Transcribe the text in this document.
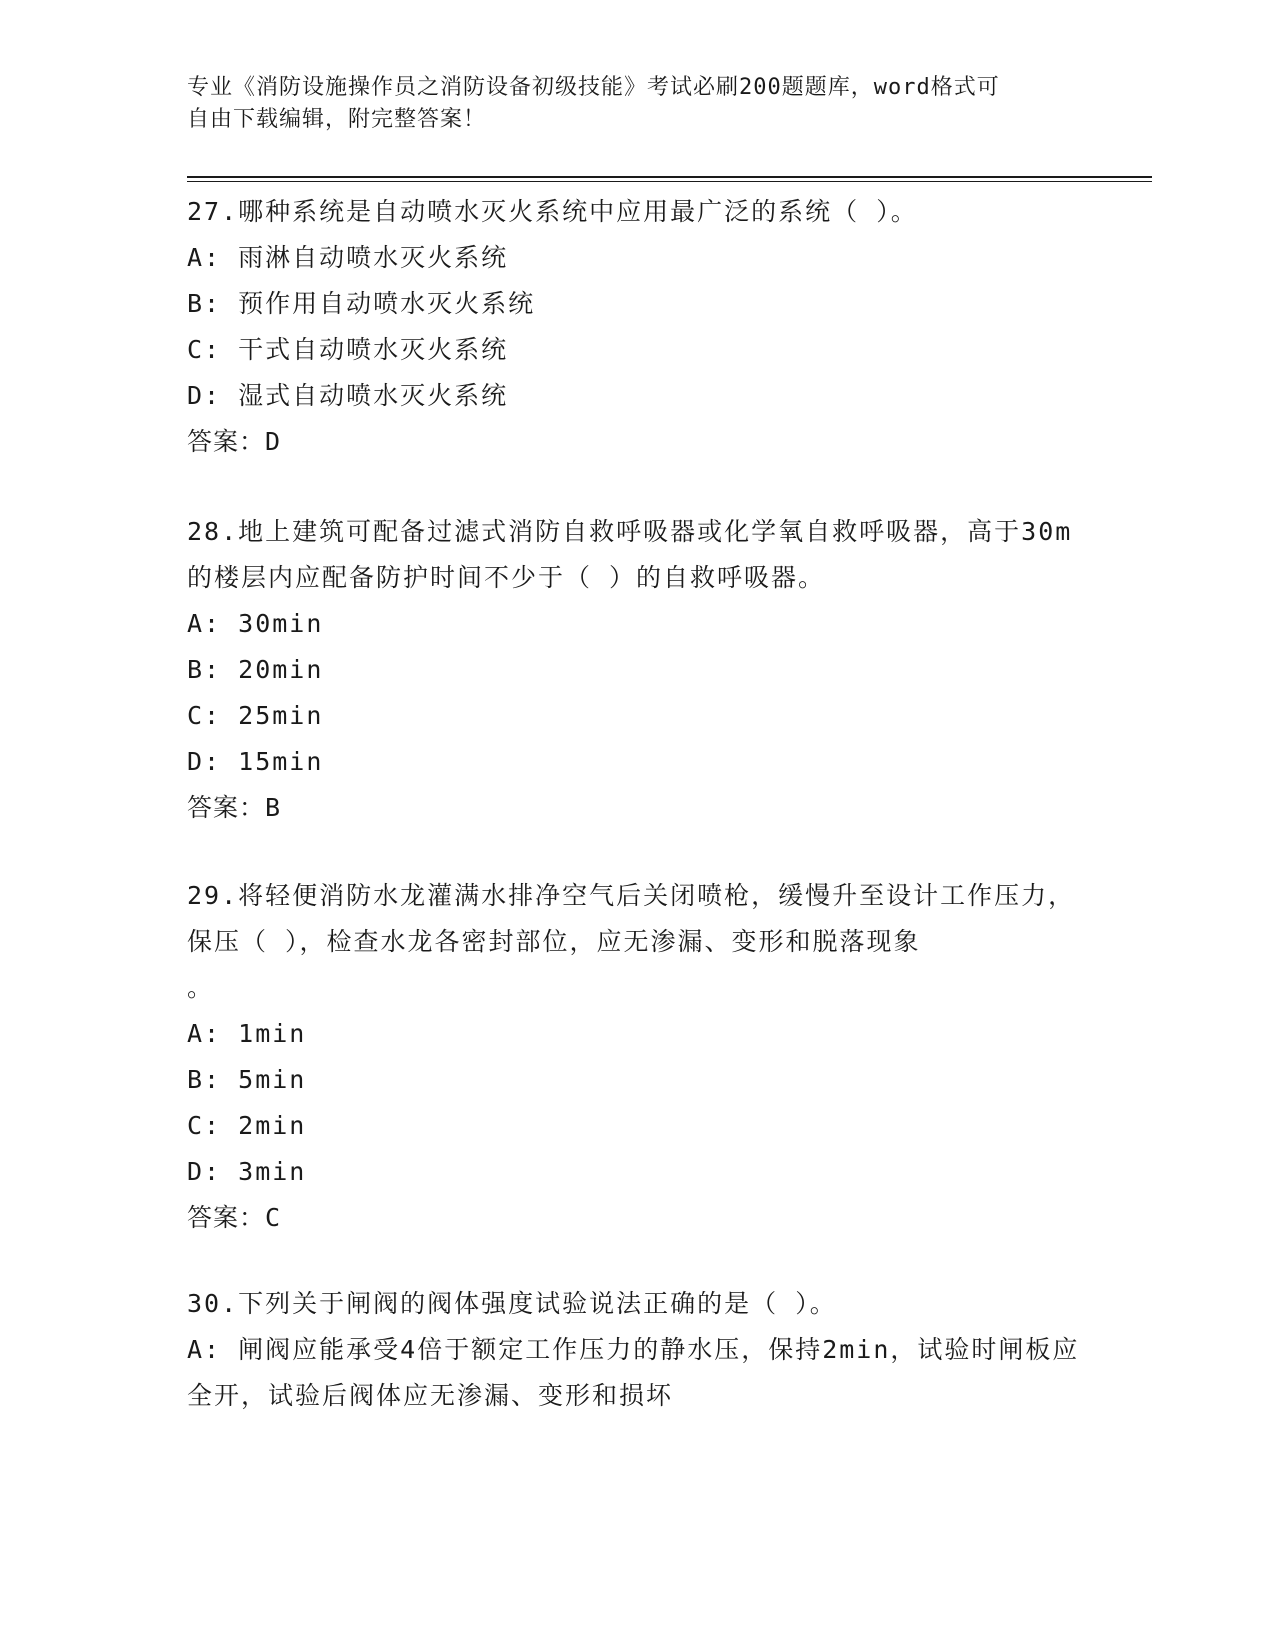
专业《消防设施操作员之消防设备初级技能》考试必刷200题题库，word格式可
自由下载编辑，附完整答案！
27.哪种系统是自动喷水灭火系统中应用最广泛的系统（ ）。
A: 雨淋自动喷水灭火系统
B: 预作用自动喷水灭火系统
C: 干式自动喷水灭火系统
D: 湿式自动喷水灭火系统
答案：D
28.地上建筑可配备过滤式消防自救呼吸器或化学氧自救呼吸器，高于30m的楼层内应配备防护时间不少于（ ）的自救呼吸器。
A: 30min
B: 20min
C: 25min
D: 15min
答案：B
29.将轻便消防水龙灌满水排净空气后关闭喷枪，缓慢升至设计工作压力，保压（ ），检查水龙各密封部位，应无渗漏、变形和脱落现象
。
A: 1min
B: 5min
C: 2min
D: 3min
答案：C
30.下列关于闸阀的阀体强度试验说法正确的是（ ）。
A: 闸阀应能承受4倍于额定工作压力的静水压，保持2min，试验时闸板应全开，试验后阀体应无渗漏、变形和损坏
